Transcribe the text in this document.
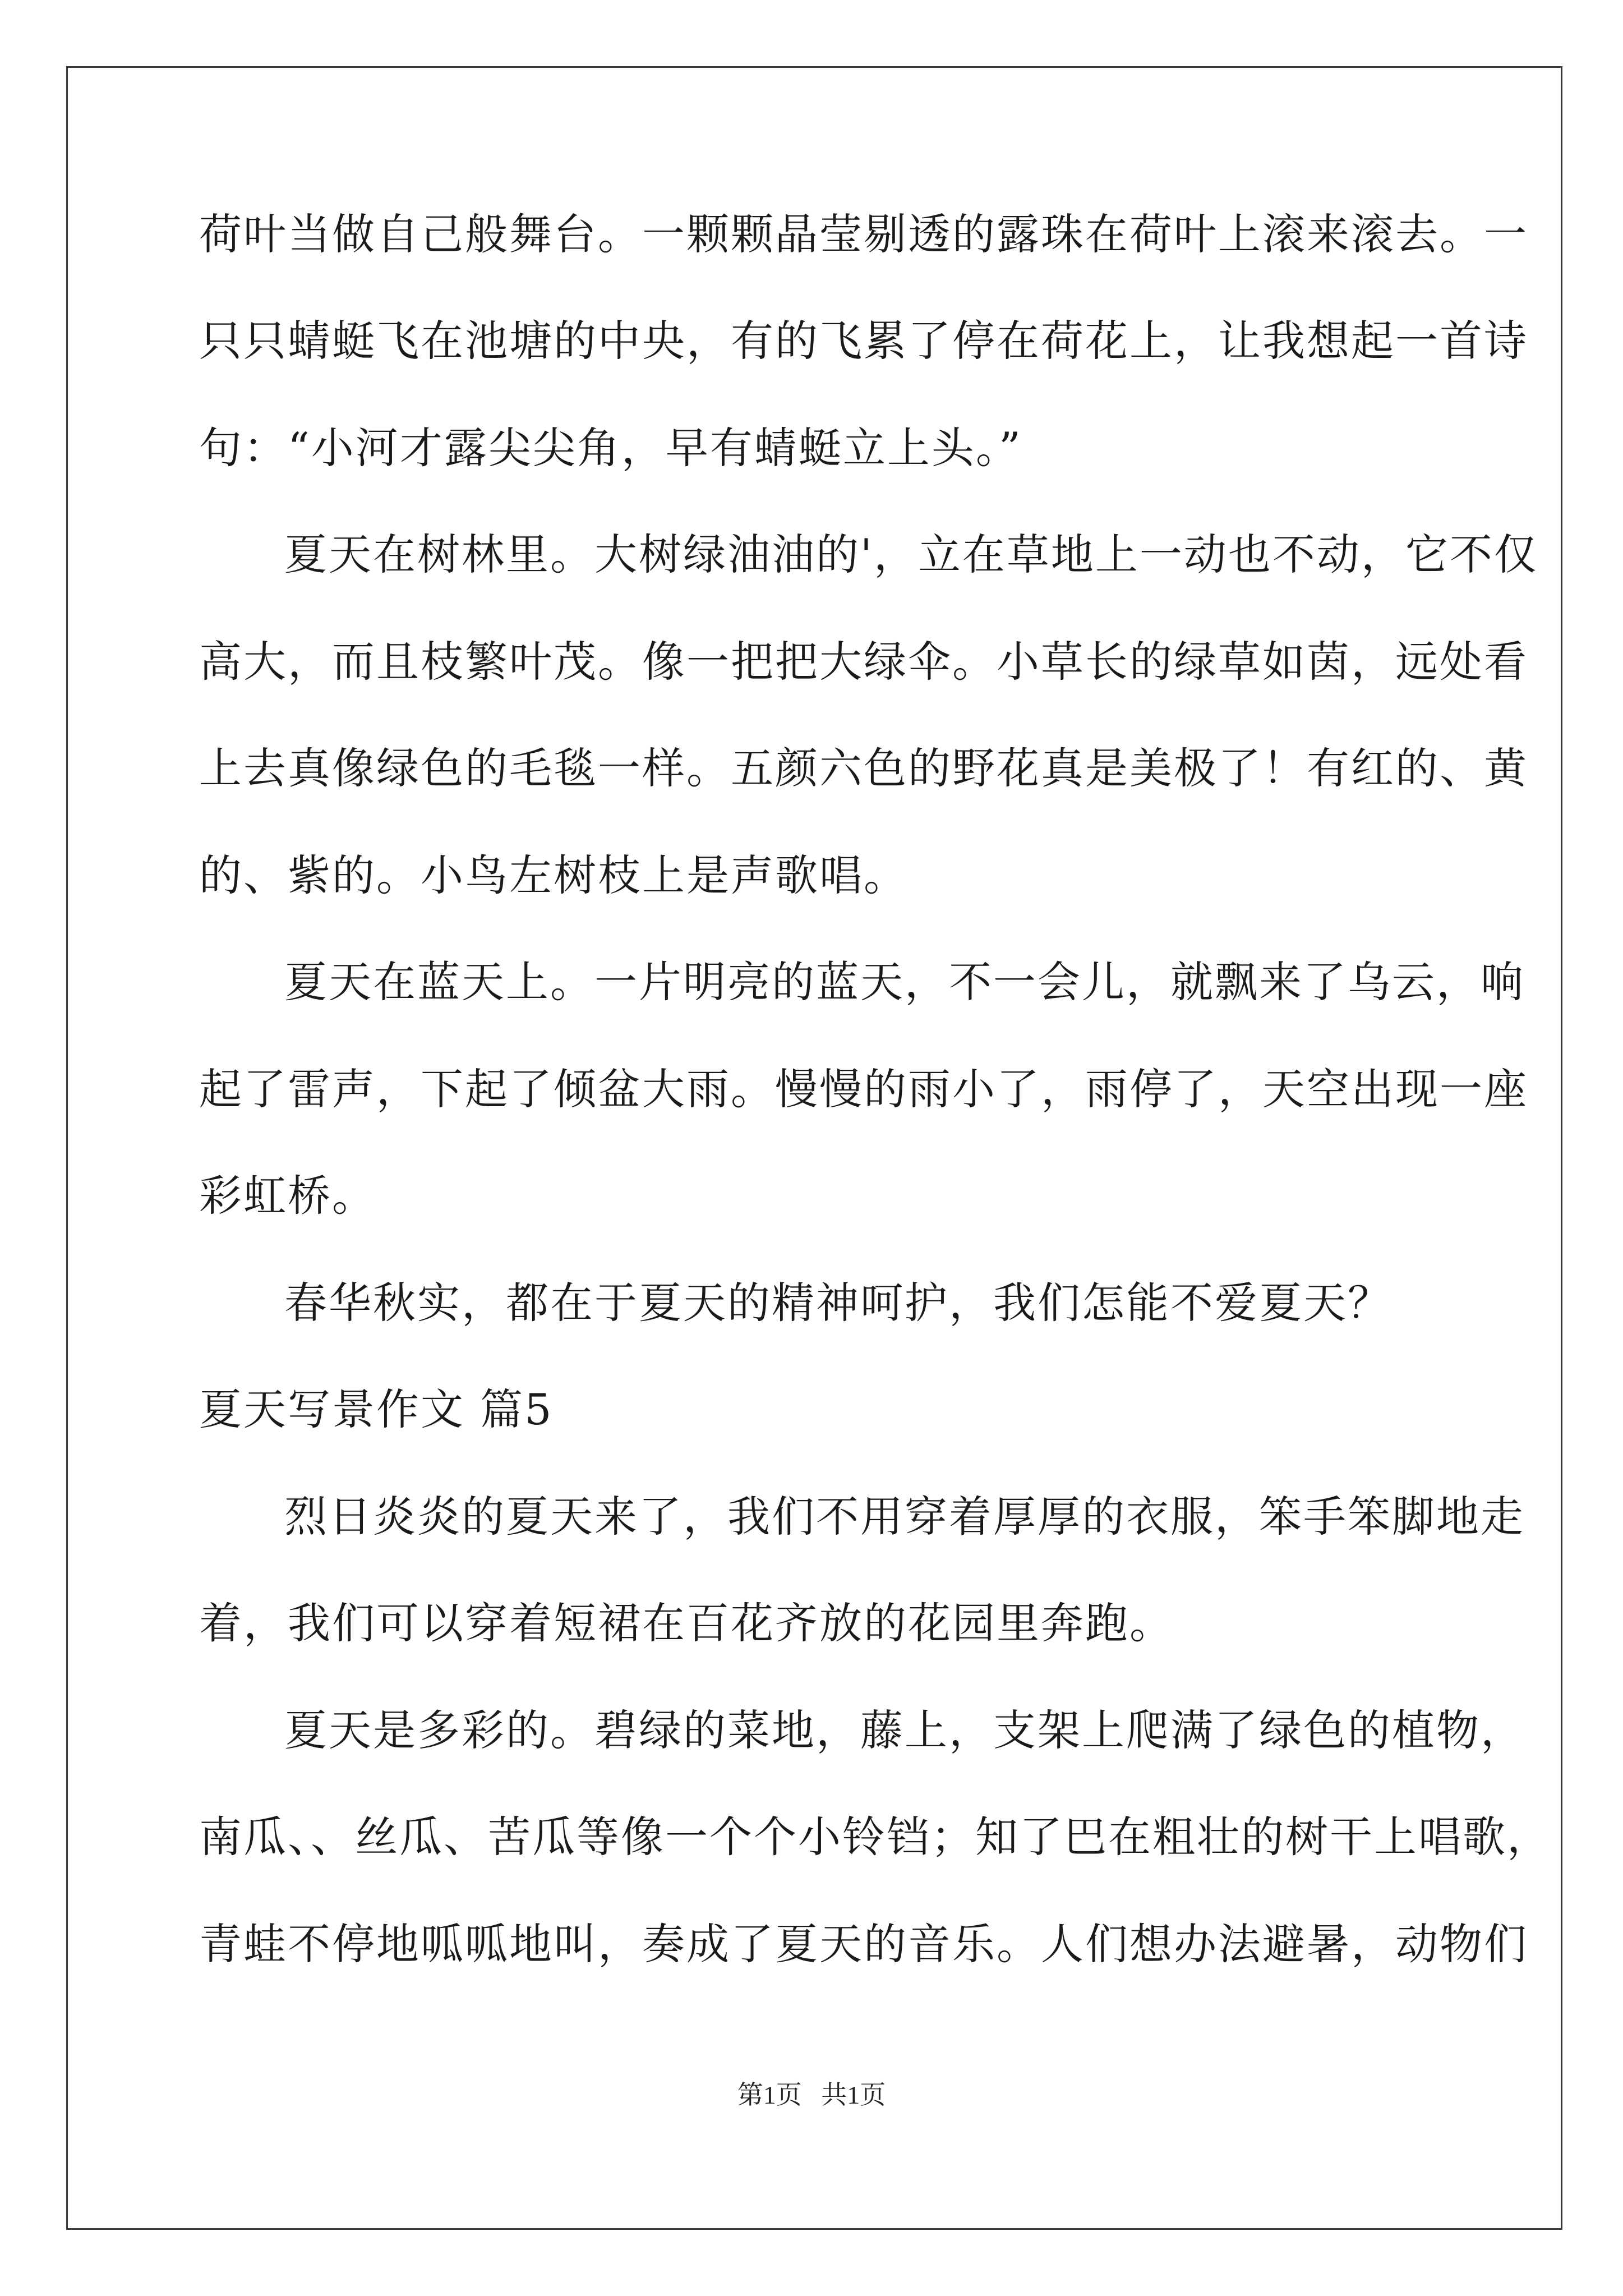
荷叶当做自己般舞台。一颗颗晶莹剔透的露珠在荷叶上滚来滚去。一
只只蜻蜓飞在池塘的中央，有的飞累了停在荷花上，让我想起一首诗
句：“小河才露尖尖角，早有蜻蜓立上头。”
夏天在树林里。大树绿油油的'，立在草地上一动也不动，它不仅
高大，而且枝繁叶茂。像一把把大绿伞。小草长的绿草如茵，远处看
上去真像绿色的毛毯一样。五颜六色的野花真是美极了！有红的、黄
的、紫的。小鸟左树枝上是声歌唱。
夏天在蓝天上。一片明亮的蓝天，不一会儿，就飘来了乌云，响
起了雷声，下起了倾盆大雨。慢慢的雨小了，雨停了，天空出现一座
彩虹桥。
春华秋实，都在于夏天的精神呵护，我们怎能不爱夏天？
夏天写景作文 篇5
烈日炎炎的夏天来了，我们不用穿着厚厚的衣服，笨手笨脚地走
着，我们可以穿着短裙在百花齐放的花园里奔跑。
夏天是多彩的。碧绿的菜地，藤上，支架上爬满了绿色的植物，
南瓜、、丝瓜、苦瓜等像一个个小铃铛；知了巴在粗壮的树干上唱歌，
青蛙不停地呱呱地叫，奏成了夏天的音乐。人们想办法避暑，动物们
第1页   共1页
